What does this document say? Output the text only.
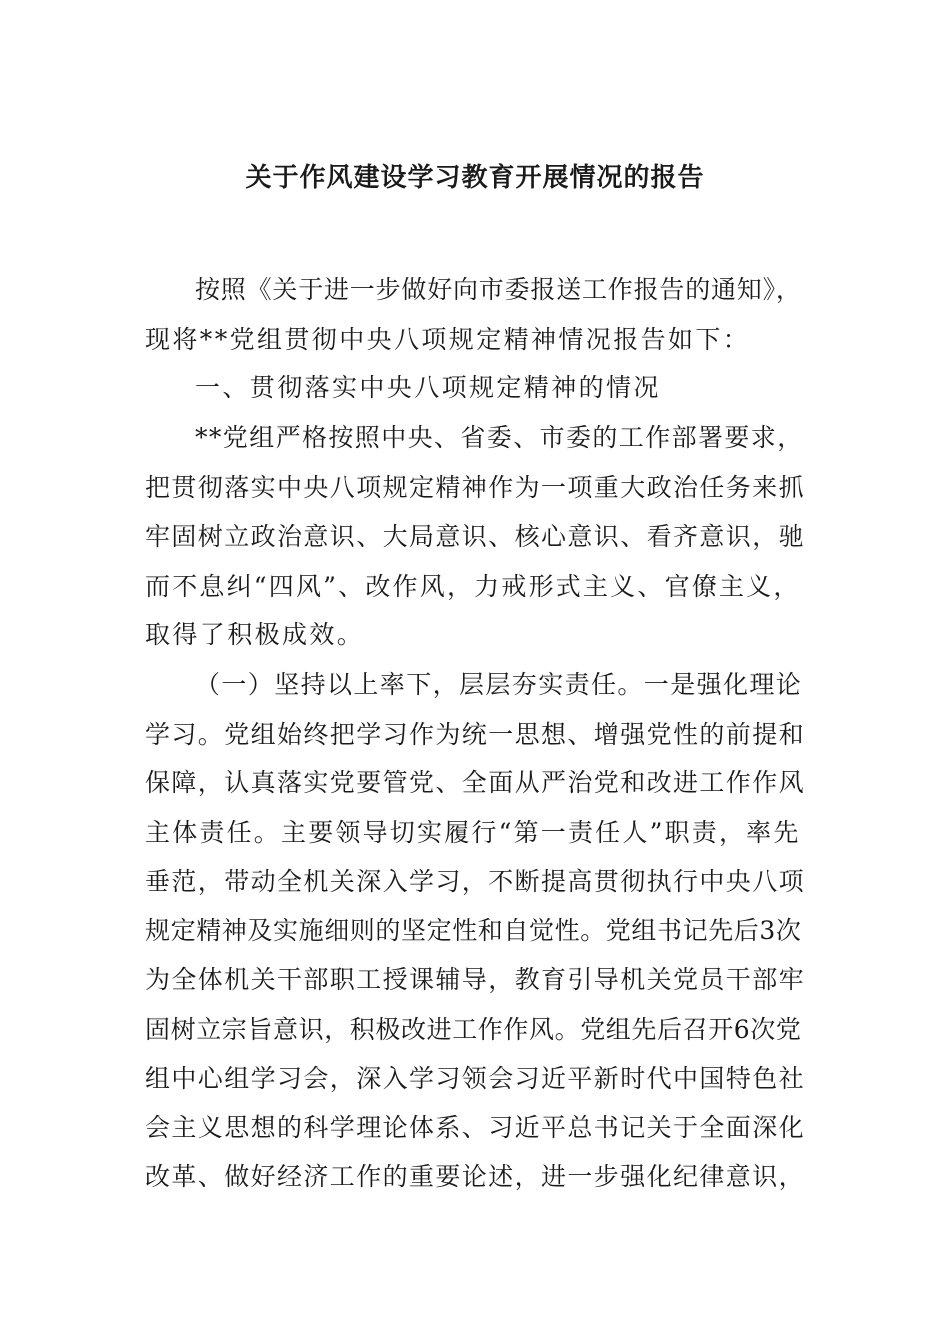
关于作风建设学习教育开展情况的报告

按照《关于进一步做好向市委报送工作报告的通知》，

现将**党组贯彻中央八项规定精神情况报告如下：

一、贯彻落实中央八项规定精神的情况

**党组严格按照中央、省委、市委的工作部署要求，

把贯彻落实中央八项规定精神作为一项重大政治任务来抓

牢固树立政治意识、大局意识、核心意识、看齐意识，驰

而不息纠“四风”、改作风，力戒形式主义、官僚主义，

取得了积极成效。

（一）坚持以上率下，层层夯实责任。一是强化理论

学习。党组始终把学习作为统一思想、增强党性的前提和

保障，认真落实党要管党、全面从严治党和改进工作作风

主体责任。主要领导切实履行“第一责任人”职责，率先

垂范，带动全机关深入学习，不断提高贯彻执行中央八项

规定精神及实施细则的坚定性和自觉性。党组书记先后3次

为全体机关干部职工授课辅导，教育引导机关党员干部牢

固树立宗旨意识，积极改进工作作风。党组先后召开6次党

组中心组学习会，深入学习领会习近平新时代中国特色社

会主义思想的科学理论体系、习近平总书记关于全面深化

改革、做好经济工作的重要论述，进一步强化纪律意识，
